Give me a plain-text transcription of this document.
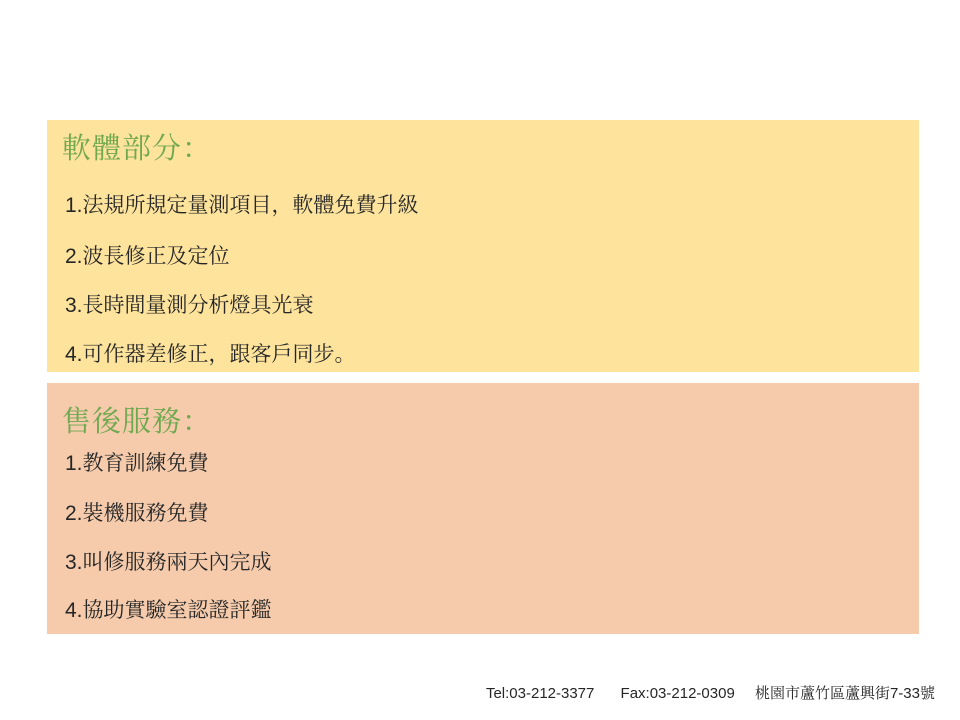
軟體部分：
1.法規所規定量測項目，軟體免費升級
2.波長修正及定位
3.長時間量測分析燈具光衰
4.可作器差修正，跟客戶同步。
售後服務：
1.教育訓練免費
2.裝機服務免費
3.叫修服務兩天內完成
4.協助實驗室認證評鑑
Tel:03-212-3377 Fax:03-212-0309 桃園市蘆竹區蘆興街7-33號
